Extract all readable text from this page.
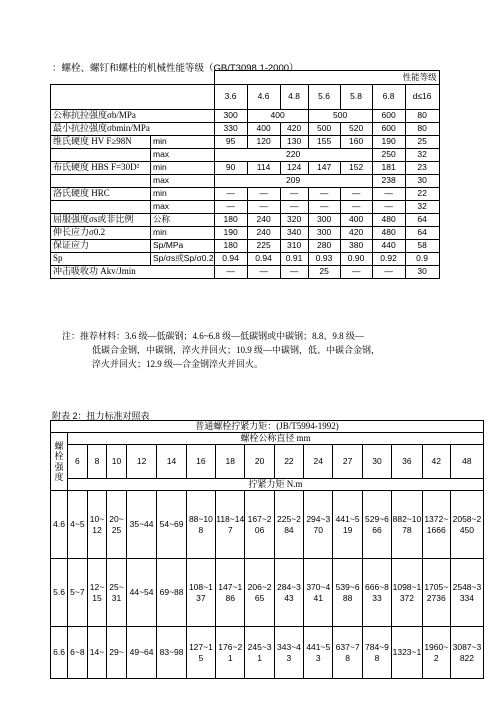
：螺栓、螺钉和螺柱的机械性能等级（GB/T3098.1-2000）
		性能等级						
		3.6	4.6	4.8	5.6	5.8	6.8	d≤16
公称抗拉强度σb/MPa		300	400		500		600	80
最小抗拉强度σbmin/MPa		330	400	420	500	520	600	80
维氏硬度 HV F≥98N	min	95	120	130	155	160	190	25
	max	220					250	32
布氏硬度 HBS F=30D²	min	90	114	124	147	152	181	23
	max	209					238	30
洛氏硬度 HRC	min	—	—	—	—	—	—	22
	max	—	—	—	—	—	—	32
屈服强度σs或非比例	公称	180	240	320	300	400	480	64
伸长应力σ0.2	min	190	240	340	300	420	480	64
保证应力	Sp/MPa	180	225	310	280	380	440	58
Sp	Sp/σs或Sp/σ0.2	0.94	0.94	0.91	0.93	0.90	0.92	0.9
冲击吸收功 Akv/Jmin		—	—	—	25	—	—	30
注：推荐材料：3.6 级—低碳钢；4.6~6.8 级—低碳钢或中碳钢；8.8、9.8 级—
低碳合金钢，中碳钢，淬火并回火；10.9 级—中碳钢，低、中碳合金钢，
淬火并回火；12.9 级—合金钢淬火并回火。
附表 2：扭力标准对照表
普通螺栓拧紧力矩：(JB/T5994-1992)															
螺栓强度	螺栓公称直径 mm														
	6	8	10	12	14	16	18	20	22	24	27	30	36	42	48
	拧紧力矩 N.m														
4.6	4~5	10~12	20~25	35~44	54~69	88~108	118~147	167~206	225~284	294~370	441~519	529~666	882~1078	1372~1666	2058~2450
5.6	5~7	12~15	25~31	44~54	69~88	108~137	147~186	206~265	284~343	370~441	539~688	666~833	1098~1372	1705~2736	2548~3334
6.6	6~8	14~	29~	49~64	83~98	127~15	176~21	245~31	343~43	441~53	637~78	784~98	1323~1	1960~2	3087~3822
